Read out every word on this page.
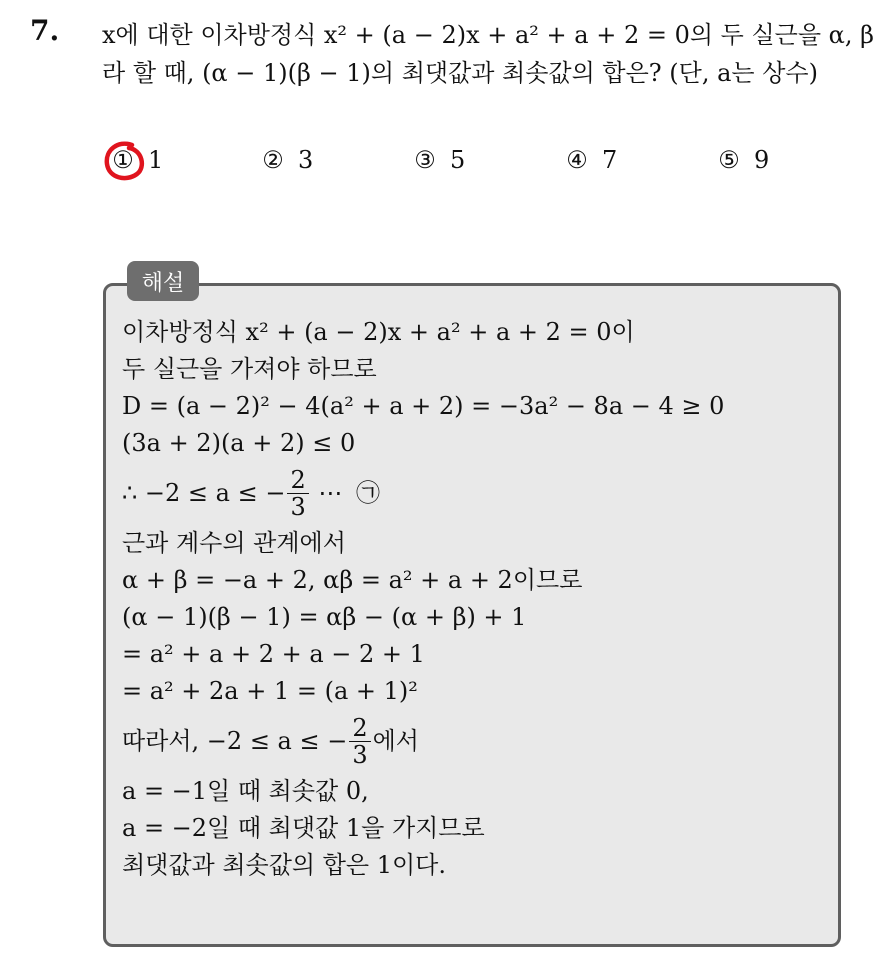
7. x에 대한 이차방정식 x² + (a − 2)x + a² + a + 2 = 0의 두 실근을 α, β
라 할 때, (α − 1)(β − 1)의 최댓값과 최솟값의 합은? (단, a는 상수)
① 1	② 3	③ 5	④ 7	⑤ 9
해설
이차방정식 x² + (a − 2)x + a² + a + 2 = 0이
두 실근을 가져야 하므로
D = (a − 2)² − 4(a² + a + 2) = −3a² − 8a − 4 ≥ 0
(3a + 2)(a + 2) ≤ 0
∴ −2 ≤ a ≤ − $\frac{2}{3}$ ⋯ ㉠
근과 계수의 관계에서
α + β = −a + 2, αβ = a² + a + 2이므로
(α − 1)(β − 1) = αβ − (α + β) + 1
= a² + a + 2 + a − 2 + 1
= a² + 2a + 1 = (a + 1)²
따라서, −2 ≤ a ≤ − $\frac{2}{3}$ 에서
a = −1일 때 최솟값 0,
a = −2일 때 최댓값 1을 가지므로
최댓값과 최솟값의 합은 1이다.
